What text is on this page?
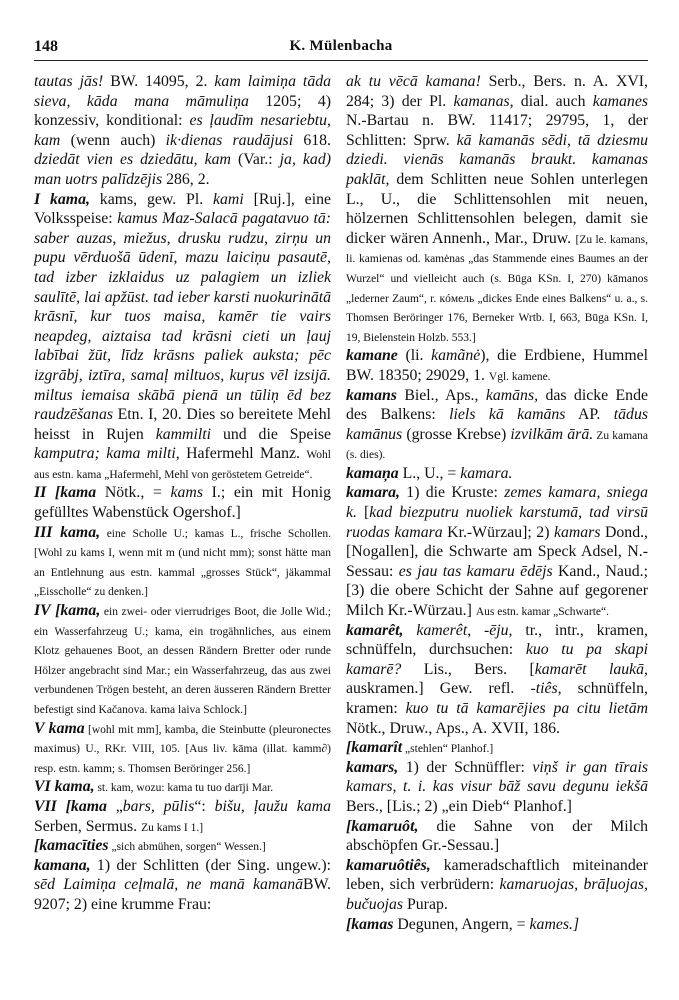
148	K. Mülenbacha
tautas jās! BW. 14095, 2. kam laimiņa tāda sieva, kāda mana māmuliņa 1205; 4) konzessiv, konditional: es ļaudīm nesariebtu, kam (wenn auch) ik·dienas raudājusi 618. dziedāt vien es dziedātu, kam (Var.: ja, kad) man uotrs palīdzējis 286, 2.
I kama, kams, gew. Pl. kami [Ruj.], eine Volksspeise: kamus Maz-Salacā pagatavuo tā: saber auzas, miežus, drusku rudzu, zirņu un pupu vērduošā ūdenī, mazu laiciņu pasautē, tad izber izklaidus uz palagiem un izliek saulītē, lai apžūst. tad ieber karsti nuokurinātā krāsnī, kur tuos maisa, kamēr tie vairs neapdeg, aiztaisa tad krāsni cieti un ļauj labībai žūt, līdz krāsns paliek auksta; pēc izgrābj, iztīra, samaļ miltuos, kuŗus vēl izsijā. miltus iemaisa skābā pienā un tūliņ ēd bez raudzēšanas Etn. I, 20. Dies so bereitete Mehl heisst in Rujen kammilti und die Speise kamputra; kama milti, Hafermehl Manz. Wohl aus estn. kama „Hafermehl, Mehl von geröstetem Getreide“.
II [kama Nötk., = kams I.; ein mit Honig gefülltes Wabenstück Ogershof.]
III kama, eine Scholle U.; kamas L., frische Schollen. [Wohl zu kams I, wenn mit m (und nicht mm); sonst hätte man an Entlehnung aus estn. kammal „grosses Stück“, jäkammal „Eisscholle“ zu denken.]
IV [kama, ein zwei- oder vierrudriges Boot, die Jolle Wid.; ein Wasserfahrzeug U.; kama, ein trogähnliches, aus einem Klotz gehauenes Boot, an dessen Rändern Bretter oder runde Hölzer angebracht sind Mar.; ein Wasserfahrzeug, das aus zwei verbundenen Trögen besteht, an deren äusseren Rändern Bretter befestigt sind Kačanova. kama laiva Schlock.]
V kama [wohl mit mm], kamba, die Steinbutte (pleuronectes maximus) U., RKr. VIII, 105. [Aus liv. kāma (illat. kamm∂) resp. estn. kamm; s. Thomsen Beröringer 256.]
VI kama, st. kam, wozu: kama tu tuo darīji Mar.
VII [kama „bars, pūlis“: bišu, ļaužu kama Serben, Sermus. Zu kams I 1.]
[kamacīties „sich abmühen, sorgen“ Wessen.]
kamana, 1) der Schlitten (der Sing. ungew.): sēd Laimiņa ceļmalā, ne manā kamanāBW. 9207; 2) eine krumme Frau:
ak tu vēcā kamana! Serb., Bers. n. A. XVI, 284; 3) der Pl. kamanas, dial. auch kamanes N.-Bartau n. BW. 11417; 29795, 1, der Schlitten: Sprw. kā kamanās sēdi, tā dziesmu dziedi. vienās kamanās braukt. kamanas paklāt, dem Schlitten neue Sohlen unterlegen L., U., die Schlittensohlen mit neuen, hölzernen Schlittensohlen belegen, damit sie dicker wären Annenh., Mar., Druw. [Zu le. kamans, li. kamienas od. kamėnas „das Stammende eines Baumes an der Wurzel“ und vielleicht auch (s. Būga KSn. I, 270) kāmanos „lederner Zaum“, r. кóмель „dickes Ende eines Balkens“ u. a., s. Thomsen Beröringer 176, Berneker Wrtb. I, 663, Būga KSn. I, 19, Bielenstein Holzb. 553.]
kamane (li. kamãnė), die Erdbiene, Hummel BW. 18350; 29029, 1. Vgl. kamene.
kamans Biel., Aps., kamāns, das dicke Ende des Balkens: liels kā kamāns AP. tādus kamānus (grosse Krebse) izvilkām ārā. Zu kamana (s. dies).
kamaņa L., U., = kamara.
kamara, 1) die Kruste: zemes kamara, sniega k. [kad biezputru nuoliek karstumā, tad virsū ruodas kamara Kr.-Würzau]; 2) kamars Dond., [Nogallen], die Schwarte am Speck Adsel, N.-Sessau: es jau tas kamaru ēdējs Kand., Naud.; [3) die obere Schicht der Sahne auf gegorener Milch Kr.-Würzau.] Aus estn. kamar „Schwarte“.
kamarêt, kamerêt, -ēju, tr., intr., kramen, schnüffeln, durchsuchen: kuo tu pa skapi kamarē? Lis., Bers. [kamarēt laukā, auskramen.] Gew. refl. -tiês, schnüffeln, kramen: kuo tu tā kamarējies pa citu lietām Nötk., Druw., Aps., A. XVII, 186.
[kamarît „stehlen“ Planhof.]
kamars, 1) der Schnüffler: viņš ir gan tīrais kamars, t. i. kas visur bāž savu degunu iekšā Bers., [Lis.; 2) „ein Dieb“ Planhof.]
[kamaruôt, die Sahne von der Milch abschöpfen Gr.-Sessau.]
kamaruôtiês, kameradschaftlich miteinander leben, sich verbrüdern: kamaruojas, brāļuojas, bučuojas Purap.
[kamas Degunen, Angern, = kames.]
